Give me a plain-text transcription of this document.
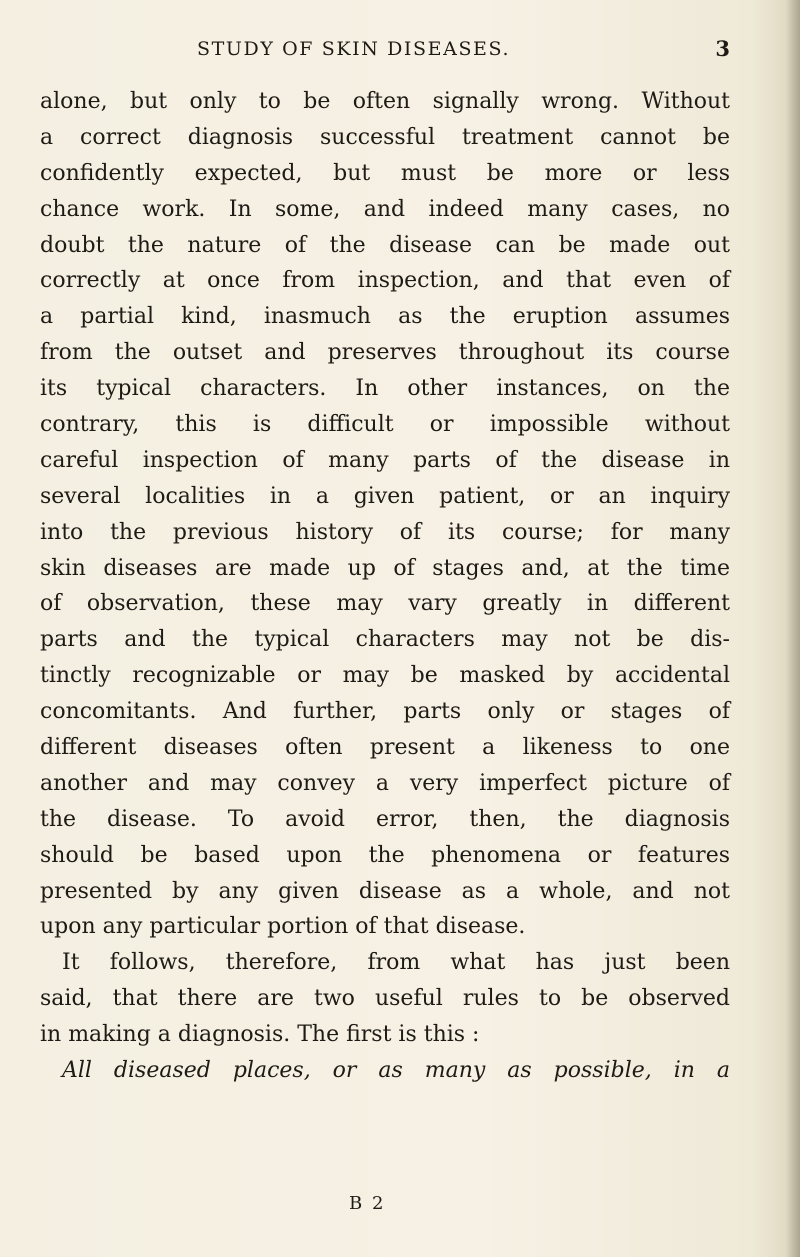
STUDY OF SKIN DISEASES.	3
alone, but only to be often signally wrong. Without
a correct diagnosis successful treatment cannot be
confidently expected, but must be more or less
chance work. In some, and indeed many cases, no
doubt the nature of the disease can be made out
correctly at once from inspection, and that even of
a partial kind, inasmuch as the eruption assumes
from the outset and preserves throughout its course
its typical characters. In other instances, on the
contrary, this is difficult or impossible without
careful inspection of many parts of the disease in
several localities in a given patient, or an inquiry
into the previous history of its course; for many
skin diseases are made up of stages and, at the time
of observation, these may vary greatly in different
parts and the typical characters may not be dis-
tinctly recognizable or may be masked by accidental
concomitants. And further, parts only or stages of
different diseases often present a likeness to one
another and may convey a very imperfect picture of
the disease. To avoid error, then, the diagnosis
should be based upon the phenomena or features
presented by any given disease as a whole, and not
upon any particular portion of that disease.
It follows, therefore, from what has just been
said, that there are two useful rules to be observed
in making a diagnosis. The first is this :
All diseased places, or as many as possible, in a
B 2
